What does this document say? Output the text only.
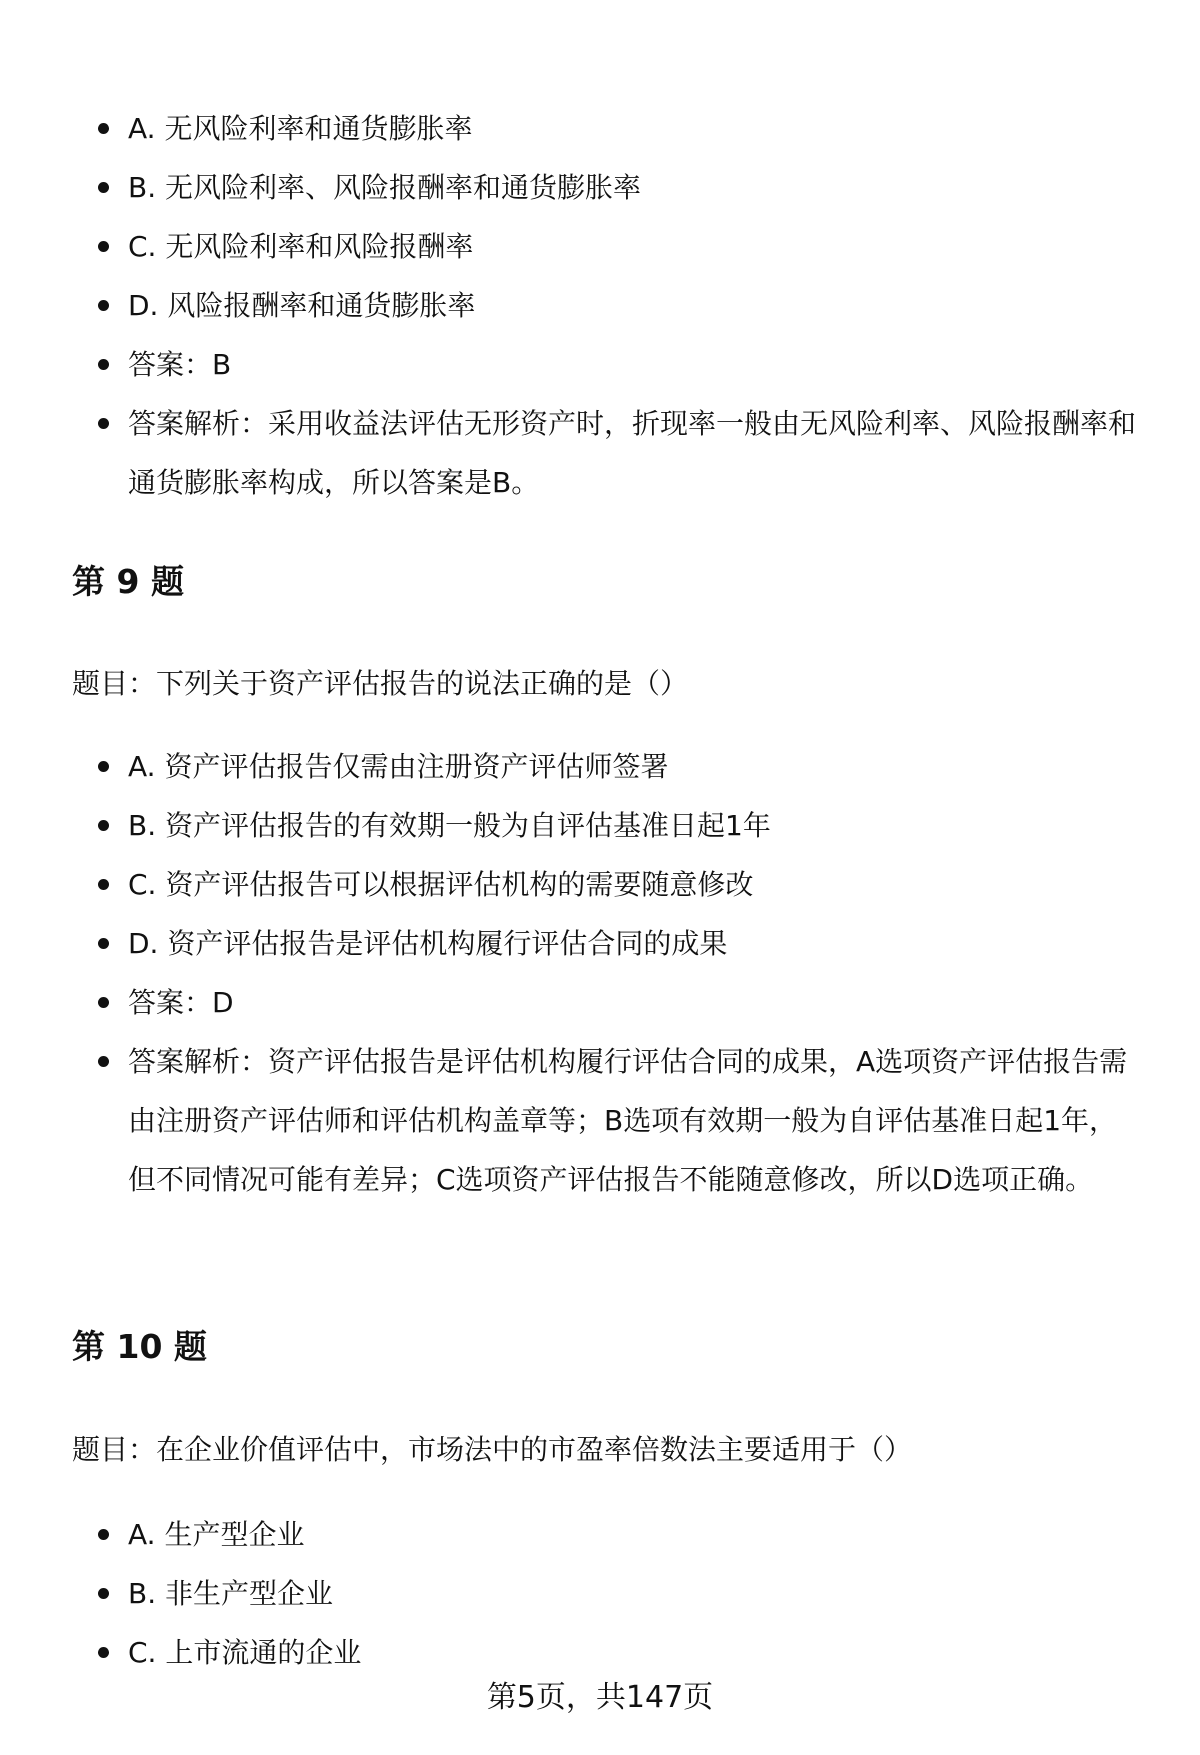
A. 无风险利率和通货膨胀率
B. 无风险利率、风险报酬率和通货膨胀率
C. 无风险利率和风险报酬率
D. 风险报酬率和通货膨胀率
答案：B
答案解析：采用收益法评估无形资产时，折现率一般由无风险利率、风险报酬率和通货膨胀率构成，所以答案是B。
第 9 题

题目：下列关于资产评估报告的说法正确的是（）

A. 资产评估报告仅需由注册资产评估师签署
B. 资产评估报告的有效期一般为自评估基准日起1年
C. 资产评估报告可以根据评估机构的需要随意修改
D. 资产评估报告是评估机构履行评估合同的成果
答案：D
答案解析：资产评估报告是评估机构履行评估合同的成果，A选项资产评估报告需由注册资产评估师和评估机构盖章等；B选项有效期一般为自评估基准日起1年，但不同情况可能有差异；C选项资产评估报告不能随意修改，所以D选项正确。
第 10 题

题目：在企业价值评估中，市场法中的市盈率倍数法主要适用于（）

A. 生产型企业
B. 非生产型企业
C. 上市流通的企业
第5页，共147页
